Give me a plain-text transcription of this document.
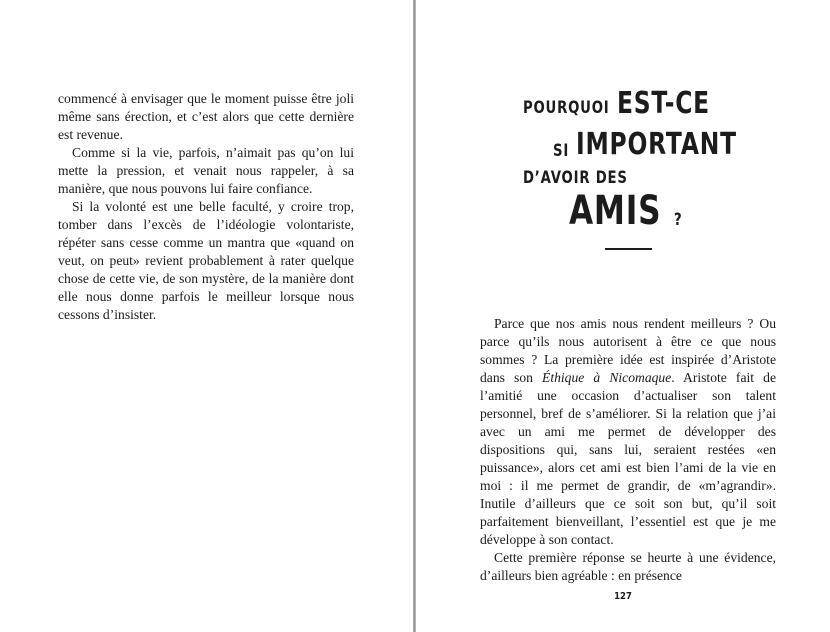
commencé à envisager que le moment puisse être joli même sans érection, et c’est alors que cette dernière est revenue.

Comme si la vie, parfois, n’aimait pas qu’on lui mette la pression, et venait nous rappeler, à sa manière, que nous pouvons lui faire confiance.

Si la volonté est une belle faculté, y croire trop, tomber dans l’excès de l’idéologie volontariste, répéter sans cesse comme un mantra que «quand on veut, on peut» revient probablement à rater quelque chose de cette vie, de son mystère, de la manière dont elle nous donne parfois le meilleur lorsque nous cessons d’insister.

POURQUOI EST-CE
SI IMPORTANT
D’AVOIR DES
AMIS ?

Parce que nos amis nous rendent meilleurs ? Ou parce qu’ils nous autorisent à être ce que nous sommes ? La première idée est inspirée d’Aristote dans son Éthique à Nicomaque. Aristote fait de l’amitié une occasion d’actualiser son talent personnel, bref de s’améliorer. Si la relation que j’ai avec un ami me permet de développer des dispositions qui, sans lui, seraient restées «en puissance», alors cet ami est bien l’ami de la vie en moi : il me permet de grandir, de «m’agrandir». Inutile d’ailleurs que ce soit son but, qu’il soit parfaitement bienveillant, l’essentiel est que je me développe à son contact.

Cette première réponse se heurte à une évidence, d’ailleurs bien agréable : en présence

127
